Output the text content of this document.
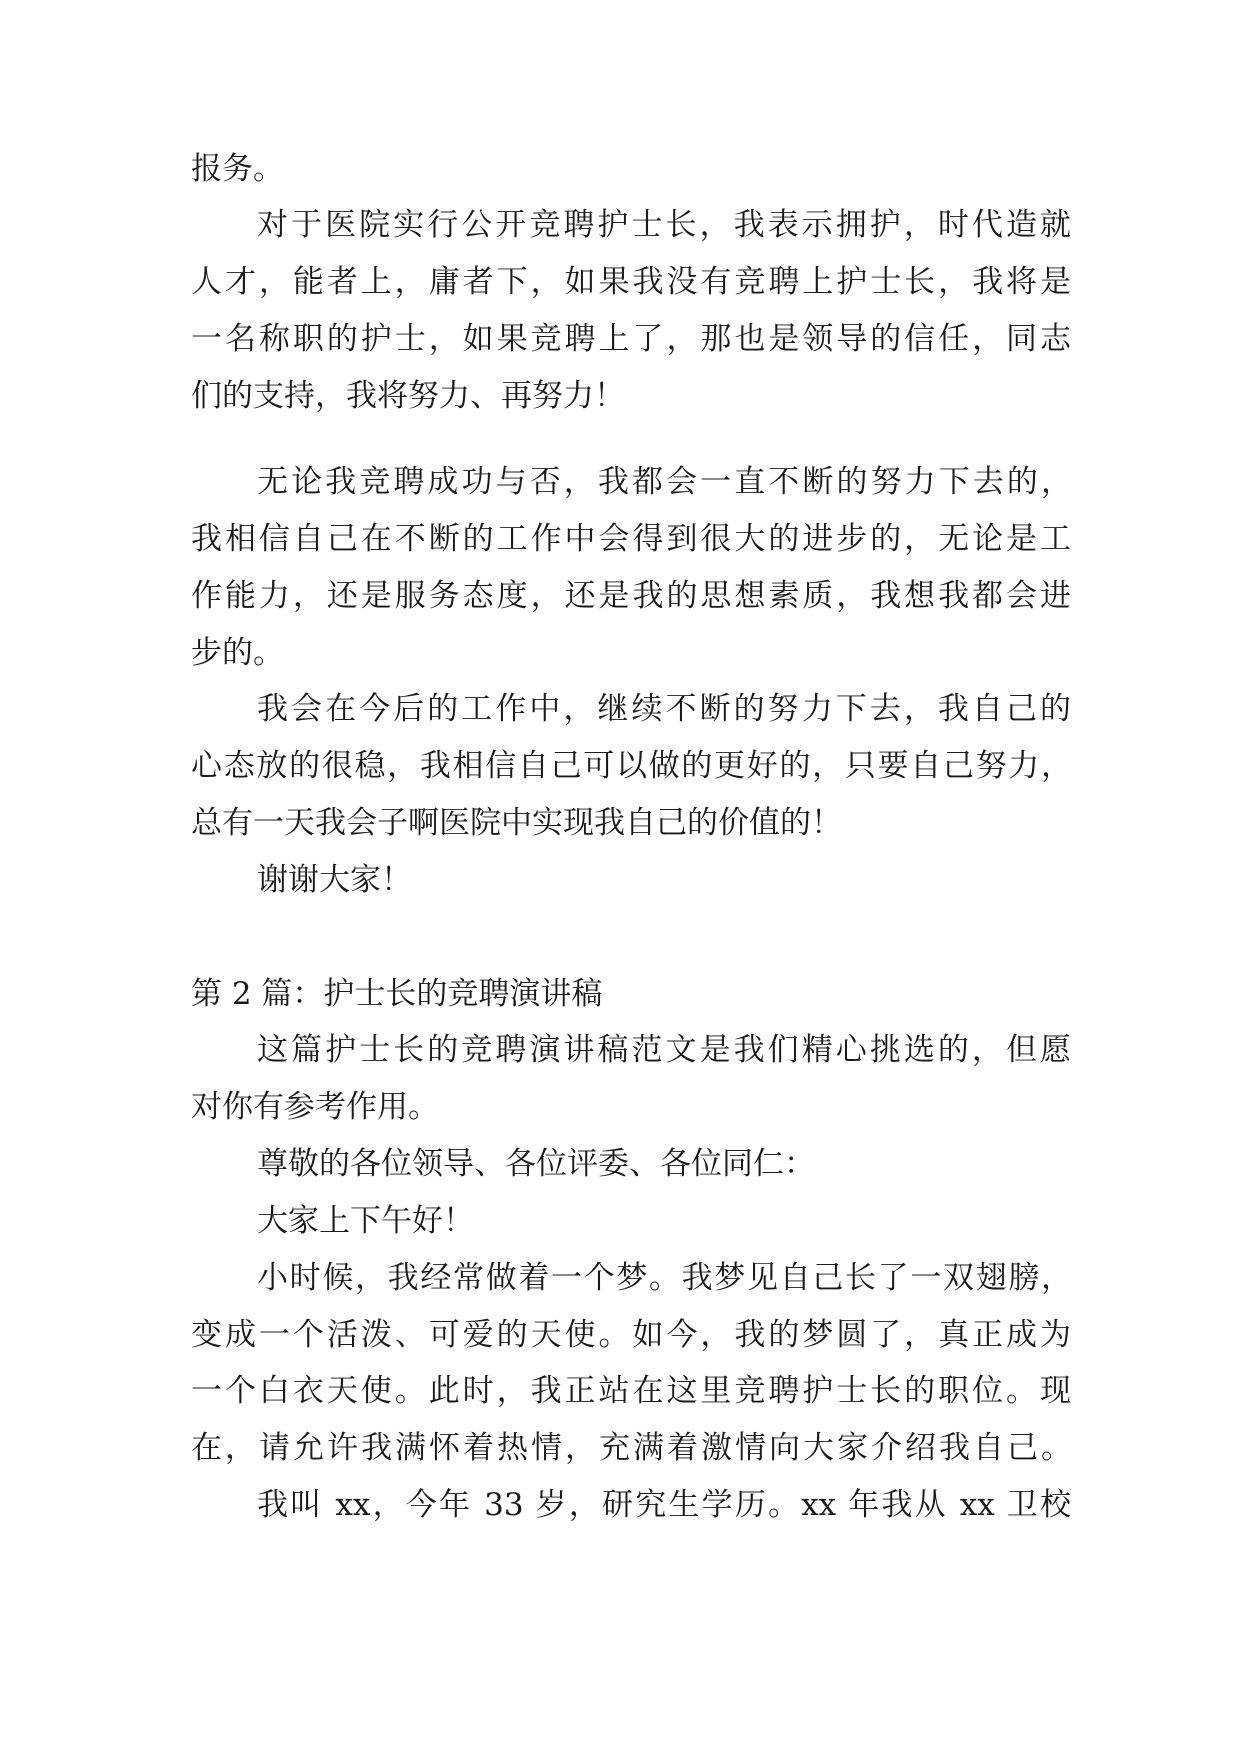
报务。
对于医院实行公开竞聘护士长，我表示拥护，时代造就
人才，能者上，庸者下，如果我没有竞聘上护士长，我将是
一名称职的护士，如果竞聘上了，那也是领导的信任，同志
们的支持，我将努力、再努力！
无论我竞聘成功与否，我都会一直不断的努力下去的，
我相信自己在不断的工作中会得到很大的进步的，无论是工
作能力，还是服务态度，还是我的思想素质，我想我都会进
步的。
我会在今后的工作中，继续不断的努力下去，我自己的
心态放的很稳，我相信自己可以做的更好的，只要自己努力，
总有一天我会子啊医院中实现我自己的价值的！
谢谢大家！
第 2 篇：护士长的竞聘演讲稿
这篇护士长的竞聘演讲稿范文是我们精心挑选的，但愿
对你有参考作用。
尊敬的各位领导、各位评委、各位同仁：
大家上下午好！
小时候，我经常做着一个梦。我梦见自己长了一双翅膀，
变成一个活泼、可爱的天使。如今，我的梦圆了，真正成为
一个白衣天使。此时，我正站在这里竞聘护士长的职位。现
在，请允许我满怀着热情，充满着激情向大家介绍我自己。
我叫 xx，今年 33 岁，研究生学历。xx 年我从 xx 卫校
